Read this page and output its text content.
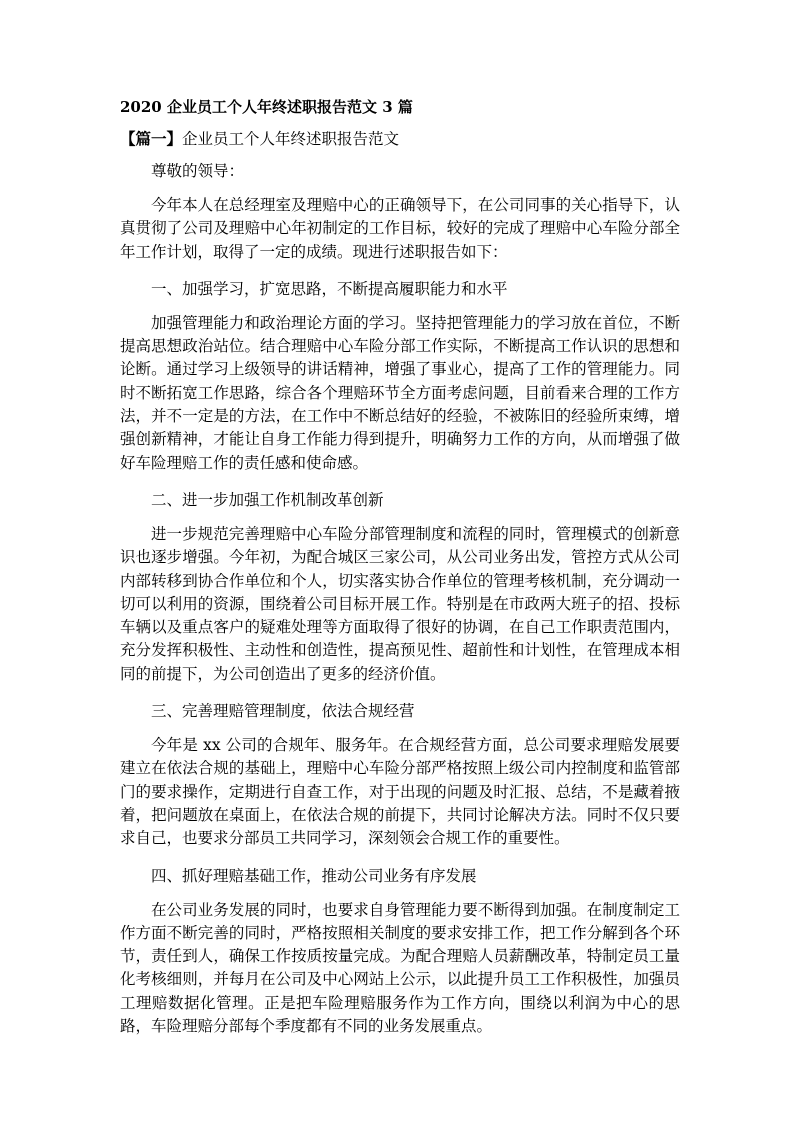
2020 企业员工个人年终述职报告范文 3 篇
【篇一】企业员工个人年终述职报告范文
尊敬的领导：
今年本人在总经理室及理赔中心的正确领导下，在公司同事的关心指导下，认真贯彻了公司及理赔中心年初制定的工作目标，较好的完成了理赔中心车险分部全年工作计划，取得了一定的成绩。现进行述职报告如下：
一、加强学习，扩宽思路，不断提高履职能力和水平
加强管理能力和政治理论方面的学习。坚持把管理能力的学习放在首位，不断提高思想政治站位。结合理赔中心车险分部工作实际，不断提高工作认识的思想和论断。通过学习上级领导的讲话精神，增强了事业心，提高了工作的管理能力。同时不断拓宽工作思路，综合各个理赔环节全方面考虑问题，目前看来合理的工作方法，并不一定是的方法，在工作中不断总结好的经验，不被陈旧的经验所束缚，增强创新精神，才能让自身工作能力得到提升，明确努力工作的方向，从而增强了做好车险理赔工作的责任感和使命感。
二、进一步加强工作机制改革创新
进一步规范完善理赔中心车险分部管理制度和流程的同时，管理模式的创新意识也逐步增强。今年初，为配合城区三家公司，从公司业务出发，管控方式从公司内部转移到协合作单位和个人，切实落实协合作单位的管理考核机制，充分调动一切可以利用的资源，围绕着公司目标开展工作。特别是在市政两大班子的招、投标车辆以及重点客户的疑难处理等方面取得了很好的协调，在自己工作职责范围内，充分发挥积极性、主动性和创造性，提高预见性、超前性和计划性，在管理成本相同的前提下，为公司创造出了更多的经济价值。
三、完善理赔管理制度，依法合规经营
今年是 xx 公司的合规年、服务年。在合规经营方面，总公司要求理赔发展要建立在依法合规的基础上，理赔中心车险分部严格按照上级公司内控制度和监管部门的要求操作，定期进行自查工作，对于出现的问题及时汇报、总结，不是藏着掖着，把问题放在桌面上，在依法合规的前提下，共同讨论解决方法。同时不仅只要求自己，也要求分部员工共同学习，深刻领会合规工作的重要性。
四、抓好理赔基础工作，推动公司业务有序发展
在公司业务发展的同时，也要求自身管理能力要不断得到加强。在制度制定工作方面不断完善的同时，严格按照相关制度的要求安排工作，把工作分解到各个环节，责任到人，确保工作按质按量完成。为配合理赔人员薪酬改革，特制定员工量化考核细则，并每月在公司及中心网站上公示，以此提升员工工作积极性，加强员工理赔数据化管理。正是把车险理赔服务作为工作方向，围绕以利润为中心的思路，车险理赔分部每个季度都有不同的业务发展重点。
